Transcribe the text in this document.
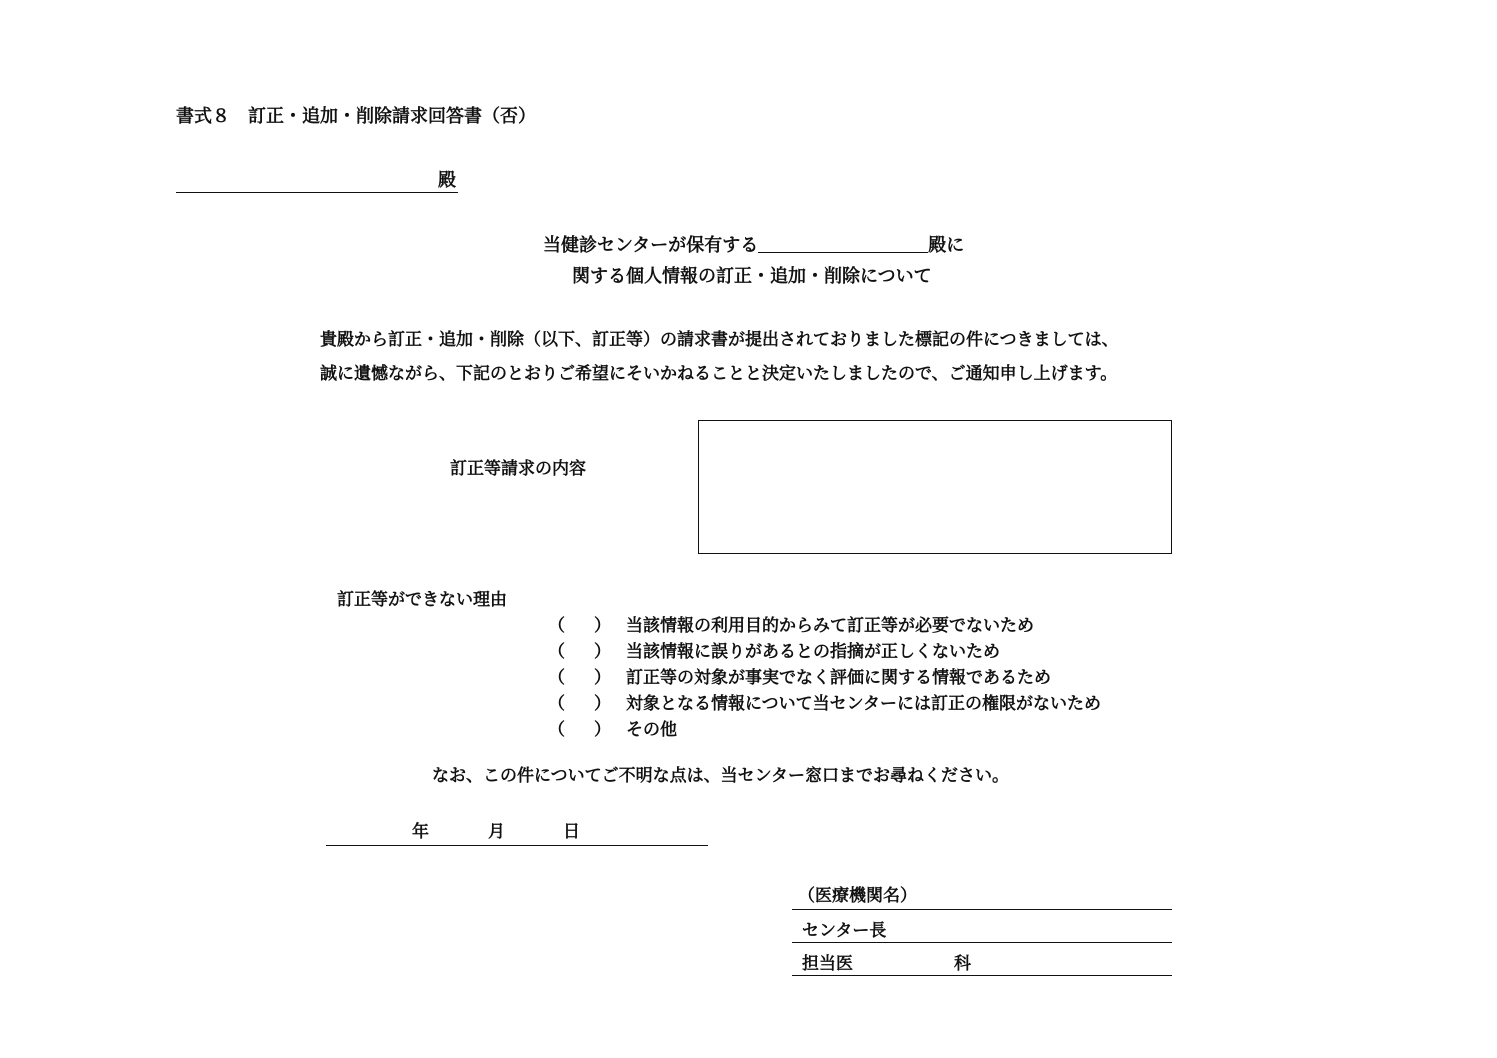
書式８　訂正・追加・削除請求回答書（否）
殿
当健診センターが保有する	殿に
関する個人情報の訂正・追加・削除について
貴殿から訂正・追加・削除（以下、訂正等）の請求書が提出されておりました標記の件につきましては、
誠に遺憾ながら、下記のとおりご希望にそいかねることと決定いたしましたので、ご通知申し上げます。
訂正等請求の内容
訂正等ができない理由
（ ） 当該情報の利用目的からみて訂正等が必要でないため
（ ） 当該情報に誤りがあるとの指摘が正しくないため
（ ） 訂正等の対象が事実でなく評価に関する情報であるため
（ ） 対象となる情報について当センターには訂正の権限がないため
（ ） その他
なお、この件についてご不明な点は、当センター窓口までお尋ねください。
年	月	日
（医療機関名）
センター長
担当医	科
